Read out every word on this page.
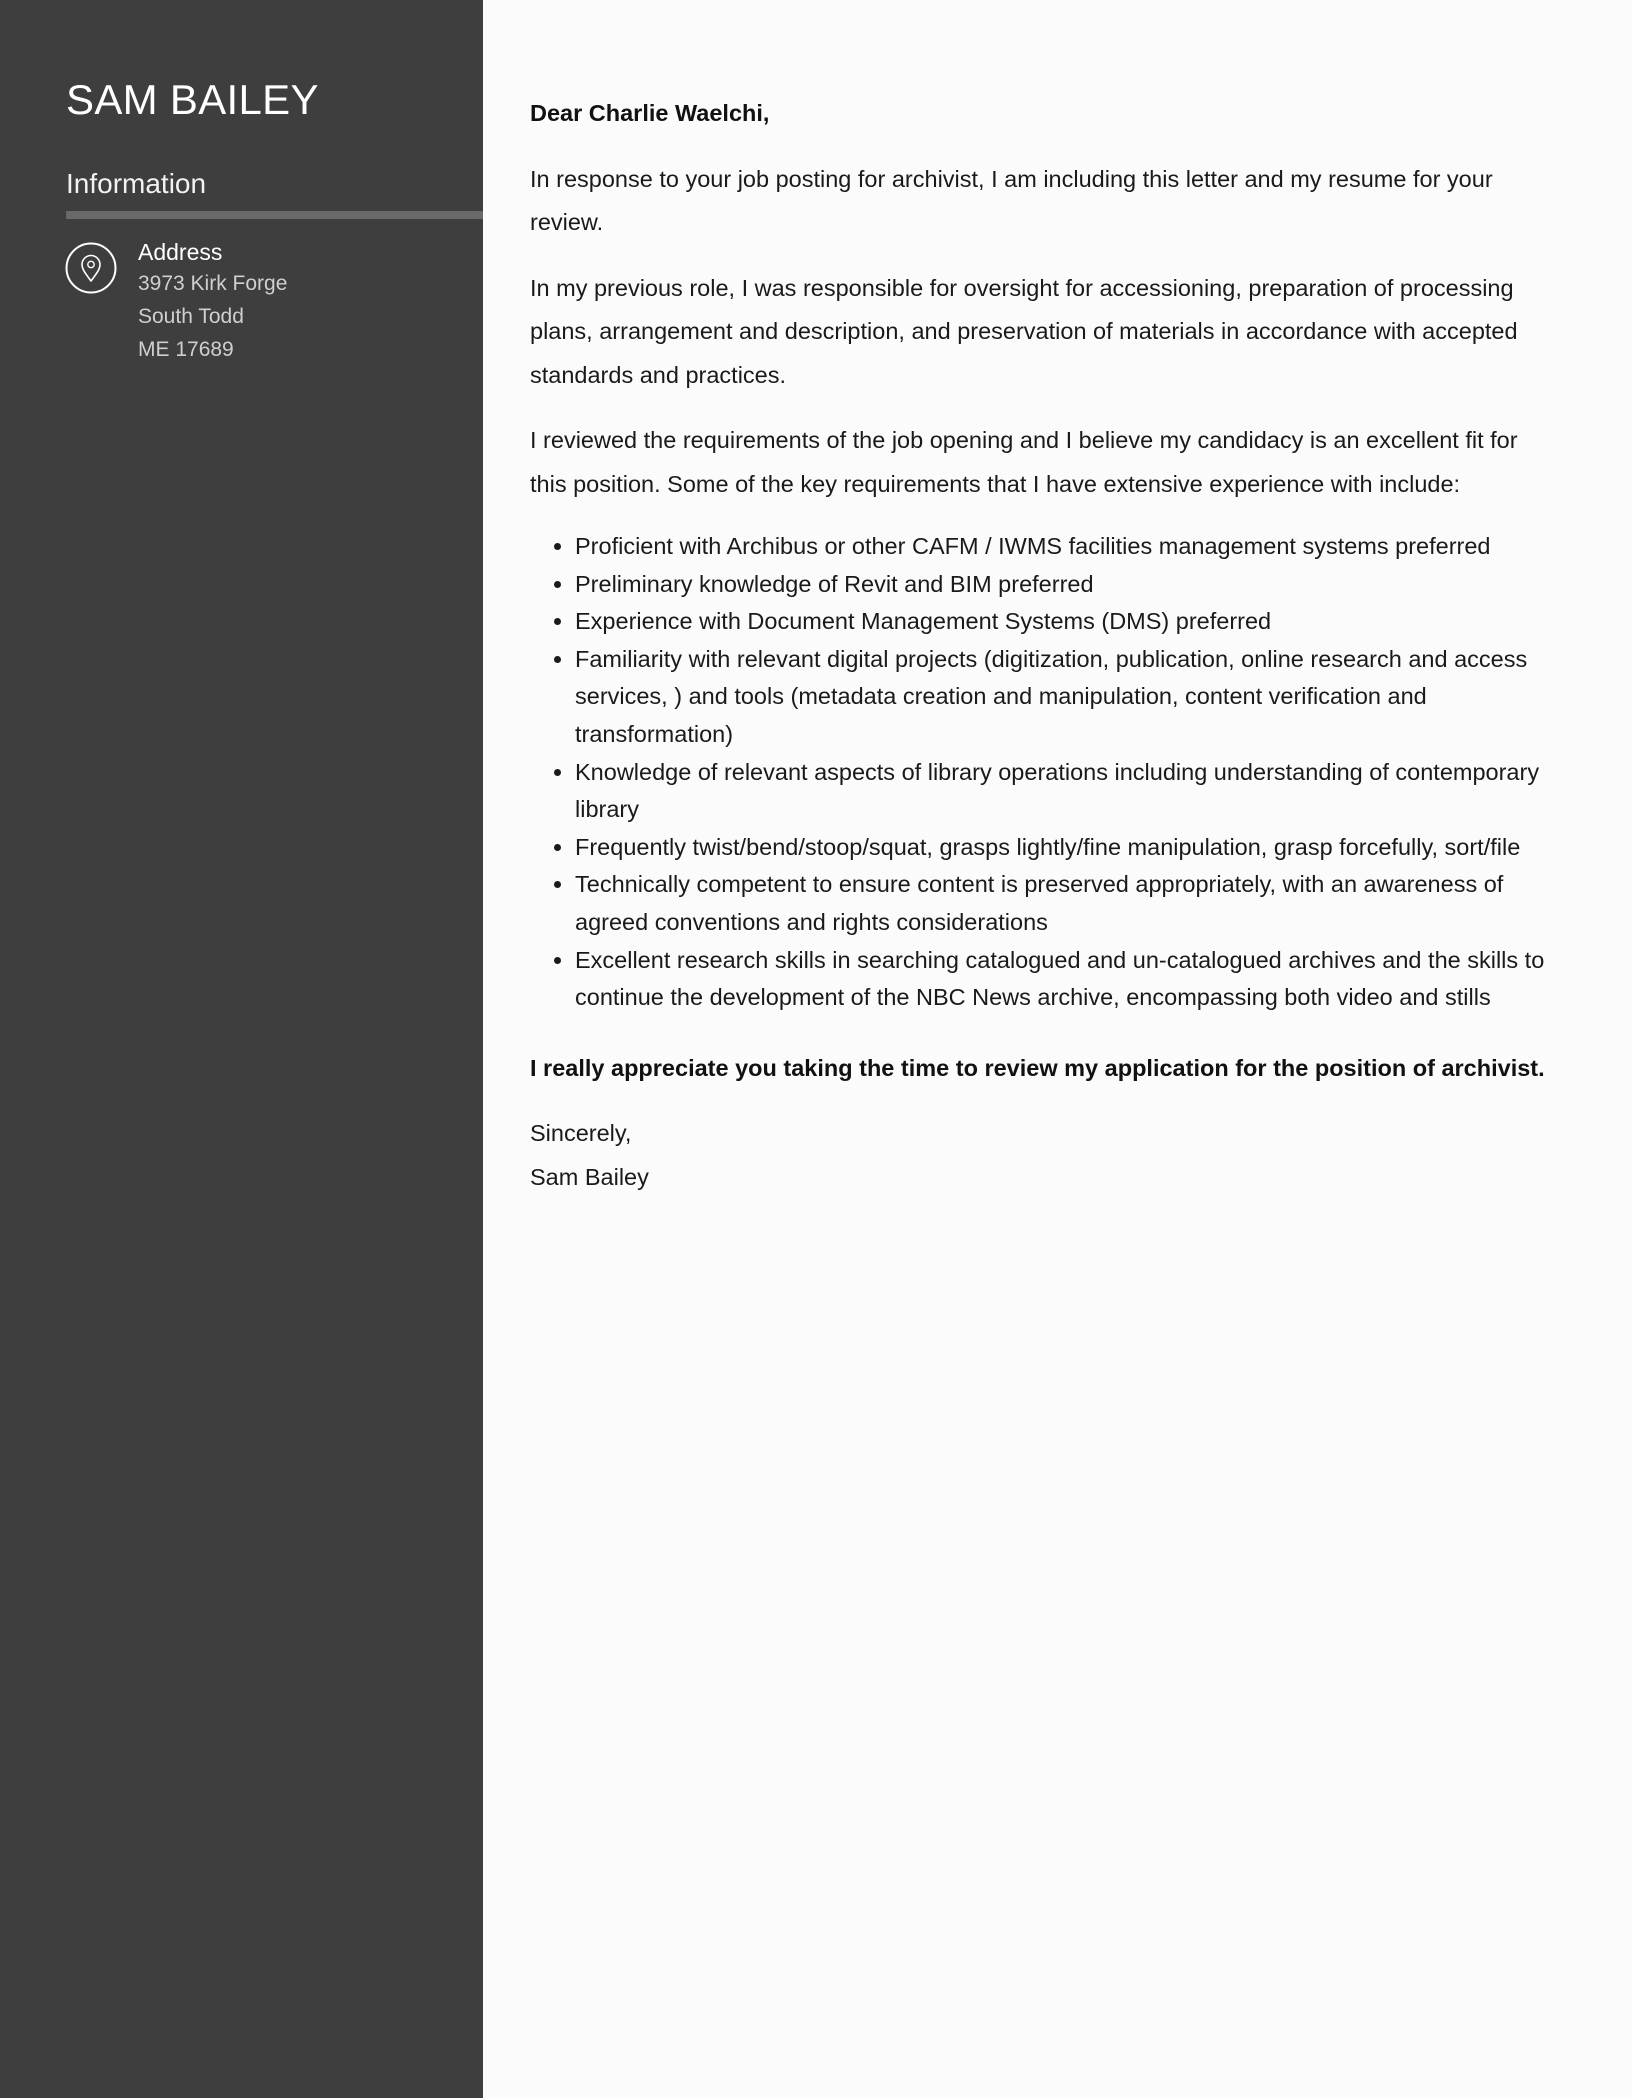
SAM BAILEY
Information
Address
3973 Kirk Forge
South Todd
ME 17689

Dear Charlie Waelchi,

In response to your job posting for archivist, I am including this letter and my resume for your review.

In my previous role, I was responsible for oversight for accessioning, preparation of processing plans, arrangement and description, and preservation of materials in accordance with accepted standards and practices.

I reviewed the requirements of the job opening and I believe my candidacy is an excellent fit for this position. Some of the key requirements that I have extensive experience with include:

• Proficient with Archibus or other CAFM / IWMS facilities management systems preferred
• Preliminary knowledge of Revit and BIM preferred
• Experience with Document Management Systems (DMS) preferred
• Familiarity with relevant digital projects (digitization, publication, online research and access services, ) and tools (metadata creation and manipulation, content verification and transformation)
• Knowledge of relevant aspects of library operations including understanding of contemporary library
• Frequently twist/bend/stoop/squat, grasps lightly/fine manipulation, grasp forcefully, sort/file
• Technically competent to ensure content is preserved appropriately, with an awareness of agreed conventions and rights considerations
• Excellent research skills in searching catalogued and un-catalogued archives and the skills to continue the development of the NBC News archive, encompassing both video and stills

I really appreciate you taking the time to review my application for the position of archivist.

Sincerely,
Sam Bailey
